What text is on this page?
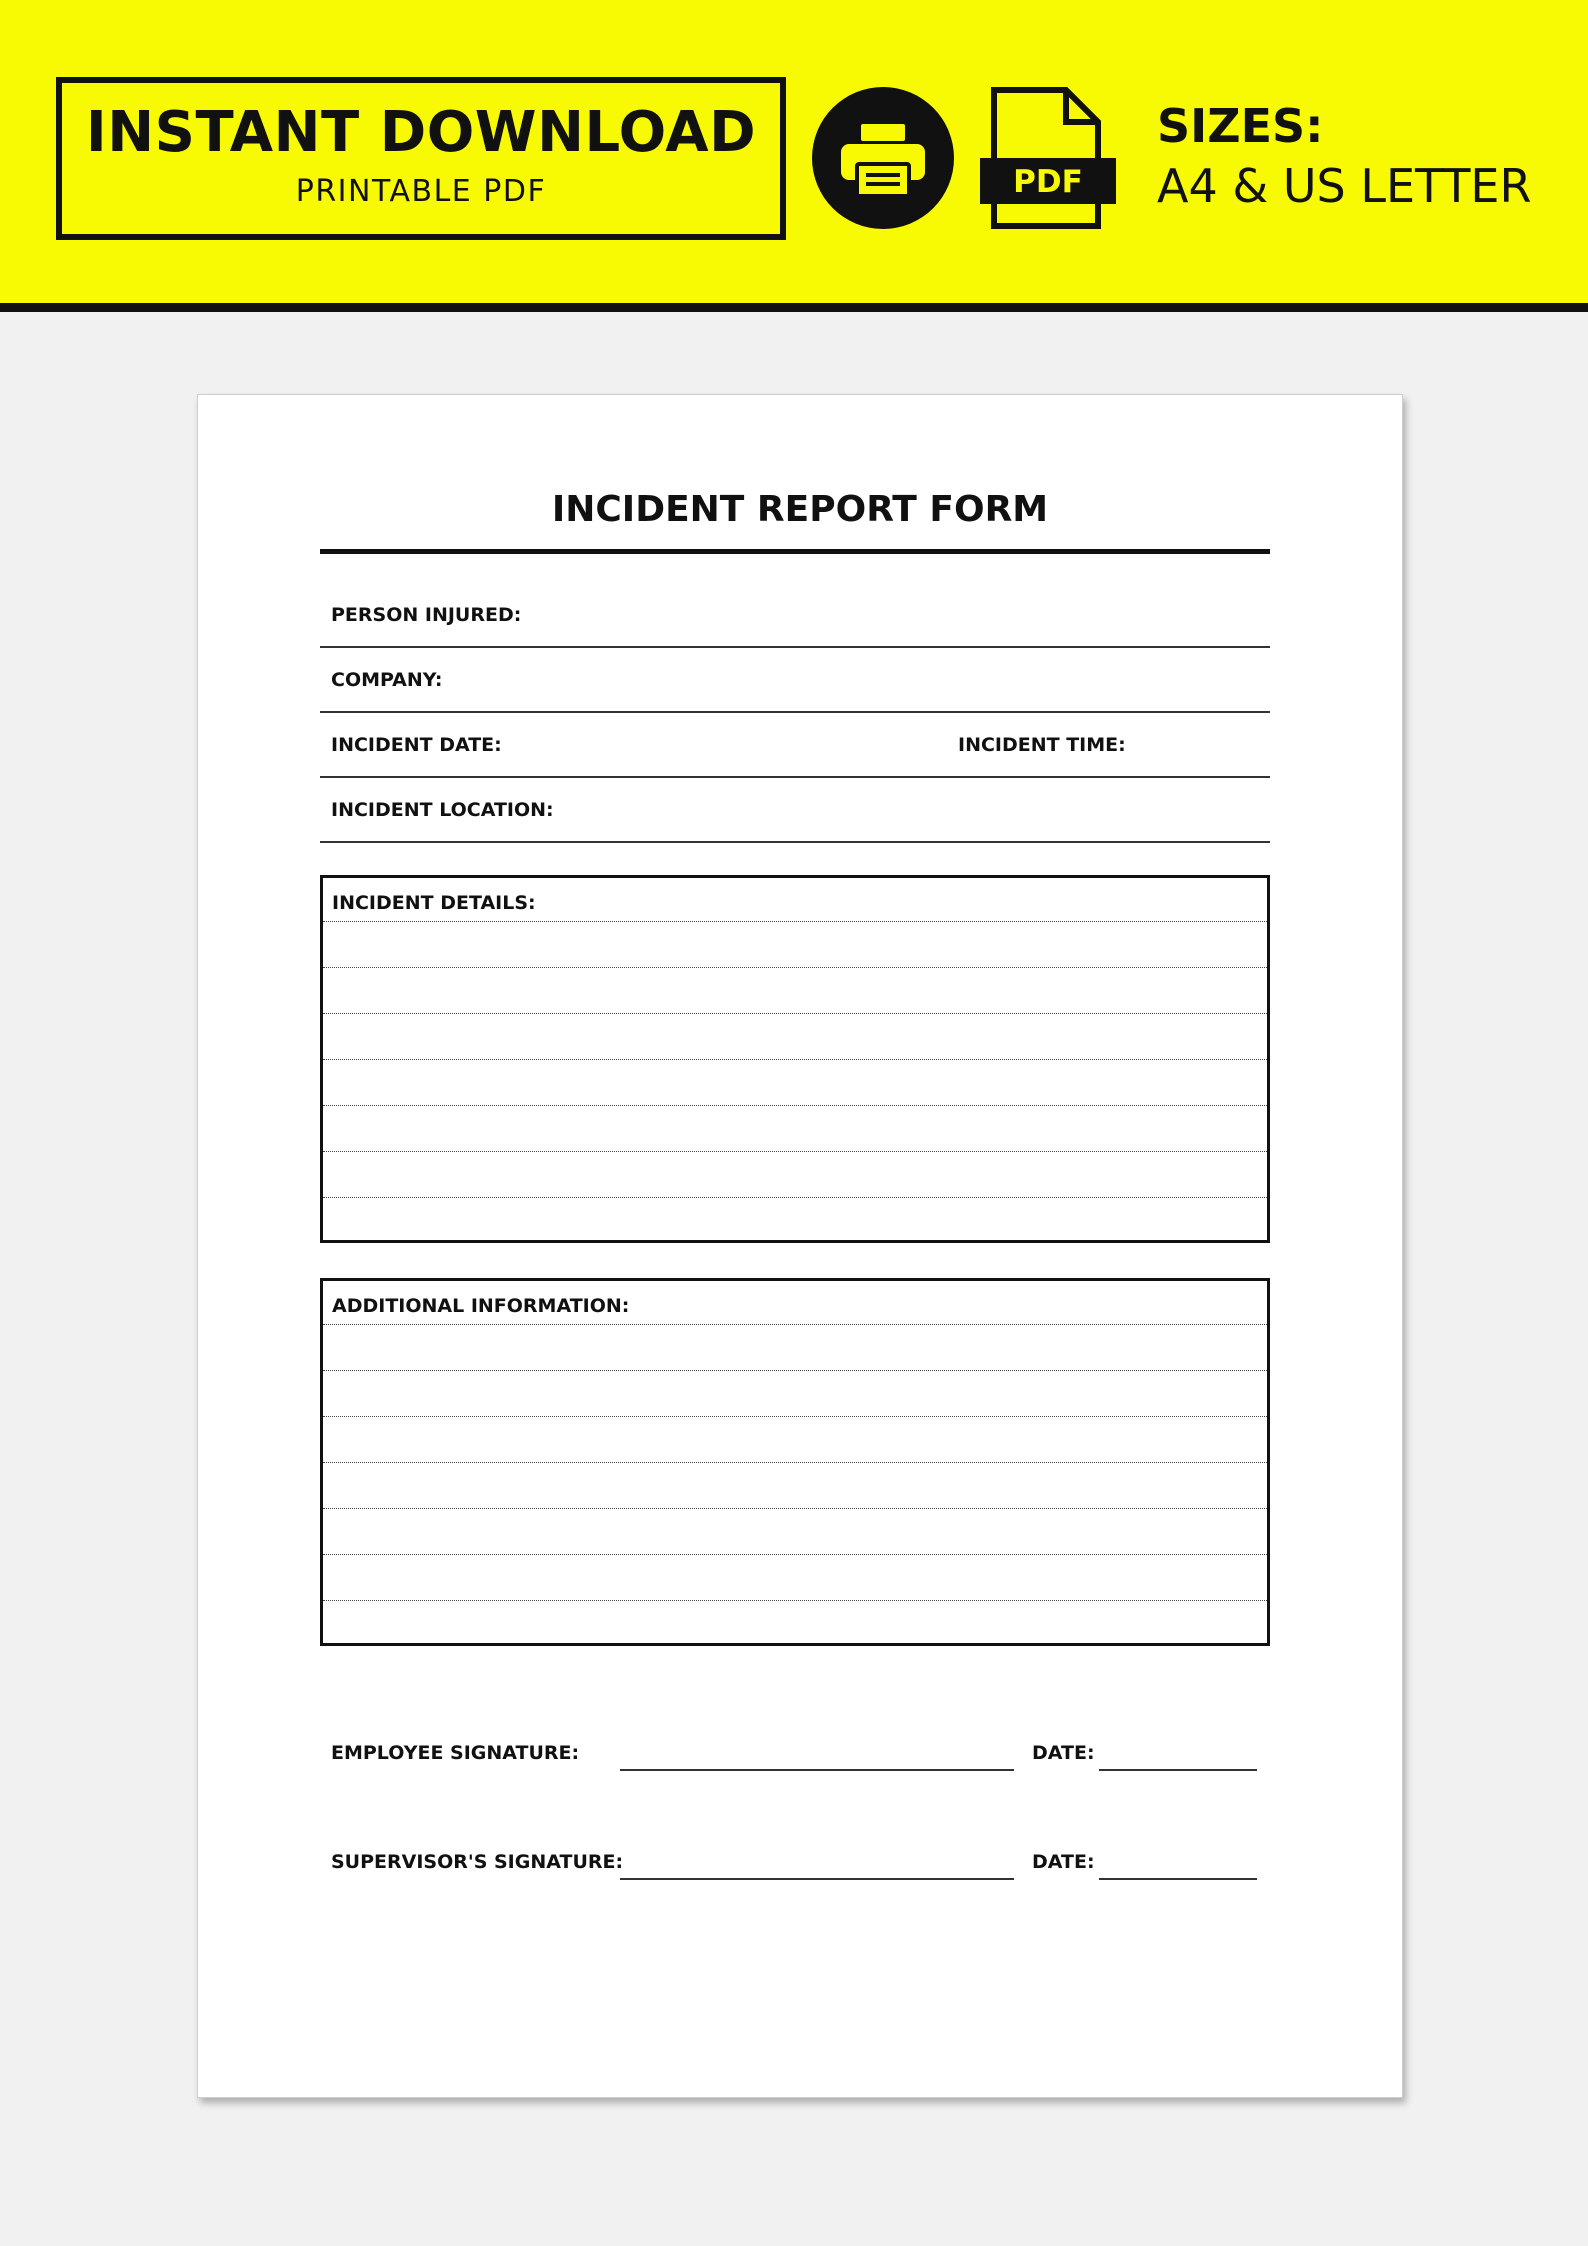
INSTANT DOWNLOAD
PRINTABLE PDF	PDF
SIZES:
A4 & US LETTER
INCIDENT REPORT FORM
PERSON INJURED:
COMPANY:
INCIDENT DATE:	INCIDENT TIME:
INCIDENT LOCATION:
INCIDENT DETAILS:
ADDITIONAL INFORMATION:
EMPLOYEE SIGNATURE:	DATE:
SUPERVISOR'S SIGNATURE:	DATE:
